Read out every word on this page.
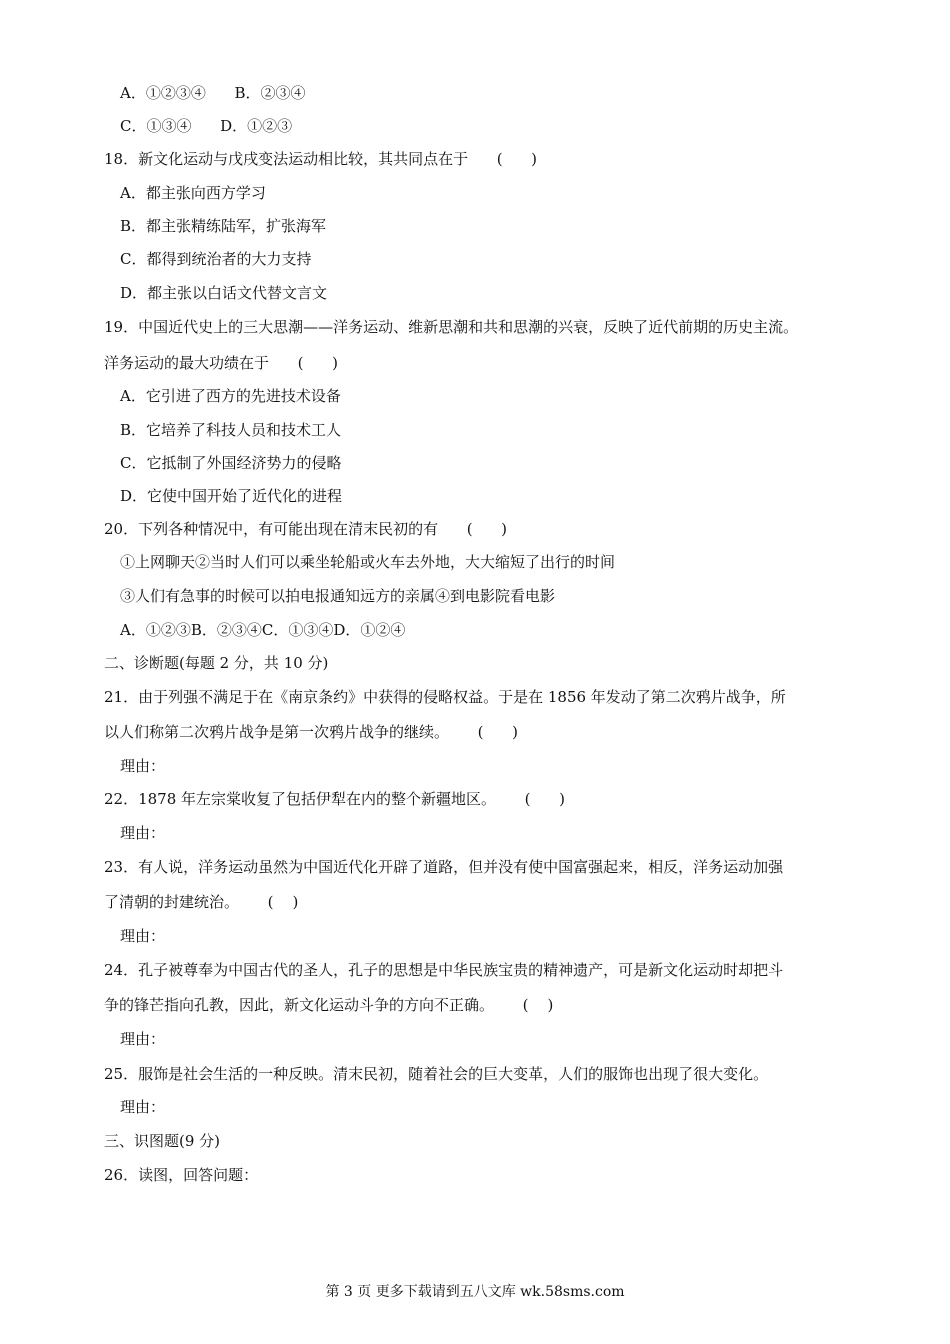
A．①②③④      B．②③④
C．①③④      D．①②③
18．新文化运动与戊戌变法运动相比较，其共同点在于      (      )
A．都主张向西方学习
B．都主张精练陆军，扩张海军
C．都得到统治者的大力支持
D．都主张以白话文代替文言文
19．中国近代史上的三大思潮——洋务运动、维新思潮和共和思潮的兴衰，反映了近代前期的历史主流。
洋务运动的最大功绩在于      (      )
A．它引进了西方的先进技术设备
B．它培养了科技人员和技术工人
C．它抵制了外国经济势力的侵略
D．它使中国开始了近代化的进程
20．下列各种情况中，有可能出现在清末民初的有      (      )
①上网聊天②当时人们可以乘坐轮船或火车去外地，大大缩短了出行的时间
③人们有急事的时候可以拍电报通知远方的亲属④到电影院看电影
A．①②③B．②③④C．①③④D．①②④
二、诊断题(每题 2 分，共 10 分)
21．由于列强不满足于在《南京条约》中获得的侵略权益。于是在 1856 年发动了第二次鸦片战争，所
以人们称第二次鸦片战争是第一次鸦片战争的继续。      (      )
理由：
22．1878 年左宗棠收复了包括伊犁在内的整个新疆地区。      (      )
理由：
23．有人说，洋务运动虽然为中国近代化开辟了道路，但并没有使中国富强起来，相反，洋务运动加强
了清朝的封建统治。      (    )
理由：
24．孔子被尊奉为中国古代的圣人，孔子的思想是中华民族宝贵的精神遗产，可是新文化运动时却把斗
争的锋芒指向孔教，因此，新文化运动斗争的方向不正确。      (    )
理由：
25．服饰是社会生活的一种反映。清末民初，随着社会的巨大变革，人们的服饰也出现了很大变化。
理由：
三、识图题(9 分)
26．读图，回答问题：
第 3 页 更多下载请到五八文库 wk.58sms.com
